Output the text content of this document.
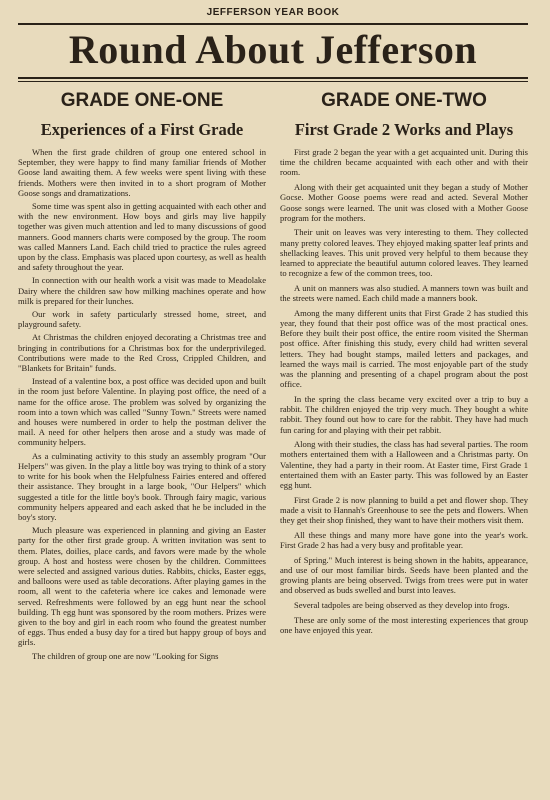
JEFFERSON YEAR BOOK
Round About Jefferson
GRADE ONE-ONE
Experiences of a First Grade

When the first grade children of group one entered school in September, they were happy to find many familiar friends of Mother Goose land awaiting them. A few weeks were spent living with these friends. Mothers were then invited in to a short program of Mother Goose songs and dramatizations.

Some time was spent also in getting acquainted with each other and with the new environment. How boys and girls may live happily together was given much attention and led to many discussions of good manners. Good manners charts were composed by the group. The room was called Manners Land. Each child tried to practice the rules agreed upon by the class. Emphasis was placed upon courtesy, as well as health and safety throughout the year.

In connection with our health work a visit was made to Meadolake Dairy where the children saw how milking machines operate and how milk is prepared for their lunches.

Our work in safety particularly stressed home, street, and playground safety.

At Christmas the children enjoyed decorating a Christmas tree and bringing in contributions for a Christmas box for the underprivileged. Contributions were made to the Red Cross, Crippled Children, and "Blankets for Britain" funds.

Instead of a valentine box, a post office was decided upon and built in the room just before Valentine. In playing post office, the need of a name for the office arose. The problem was solved by organizing the room into a town which was called "Sunny Town." Streets were named and houses were numbered in order to help the postman deliver the mail. A need for other helpers then arose and a study was made of community helpers.

As a culminating activity to this study an assembly program "Our Helpers" was given. In the play a little boy was trying to think of a story to write for his book when the Helpfulness Fairies entered and offered their assistance. They brought in a large book, "Our Helpers" which suggested a title for the little boy's book. Through fairy magic, various community helpers appeared and each asked that he be included in the boy's story.

Much pleasure was experienced in planning and giving an Easter party for the other first grade group. A written invitation was sent to them. Plates, doilies, place cards, and favors were made by the whole group. A host and hostess were chosen by the children. Committees were selected and assigned various duties. Rabbits, chicks, Easter eggs, and balloons were used as table decorations. After playing games in the room, all went to the cafeteria where ice cakes and lemonade were served. Refreshments were followed by an egg hunt near the school building. Th egg hunt was sponsored by the room mothers. Prizes were given to the boy and girl in each room who found the greatest number of eggs. Thus ended a busy day for a tired but happy group of boys and girls.

The children of group one are now "Looking for Signs

GRADE ONE-TWO
First Grade 2 Works and Plays

First grade 2 began the year with a get acquainted unit. During this time the children became acquainted with each other and with their room.

Along with their get acquainted unit they began a study of Mother Gocse. Mother Goose poems were read and acted. Several Mother Goose songs were learned. The unit was closed with a Mother Goose program for the mothers.

Their unit on leaves was very interesting to them. They collected many pretty colored leaves. They ehjoyed making spatter leaf prints and shellacking leaves. This unit proved very helpful to them because they learned to appreciate the beautiful autumn colored leaves. They learned to recognize a few of the common trees, too.

A unit on manners was also studied. A manners town was built and the streets were named. Each child made a manners book.

Among the many different units that First Grade 2 has studied this year, they found that their post office was of the most practical ones. Before they built their post office, the entire room visited the Sherman post office. After finishing this study, every child had written several letters. They had bought stamps, mailed letters and packages, and learned the ways mail is carried. The most enjoyable part of the study was the planning and presenting of a chapel program about the post office.

In the spring the class became very excited over a trip to buy a rabbit. The children enjoyed the trip very much. They bought a white rabbit. They found out how to care for the rabbit. They have had much fun caring for and playing with their pet rabbit.

Along with their studies, the class has had several parties. The room mothers entertained them with a Halloween and a Christmas party. On Valentine, they had a party in their room. At Easter time, First Grade 1 entertained them with an Easter party. This was followed by an Easter egg hunt.

First Grade 2 is now planning to build a pet and flower shop. They made a visit to Hannah's Greenhouse to see the pets and flowers. When they get their shop finished, they want to have their mothers visit them.

All these things and many more have gone into the year's work. First Grade 2 has had a very busy and profitable year.

of Spring." Much interest is being shown in the habits, appearance, and use of our most familiar birds. Seeds have been planted and the growing plants are being observed. Twigs from trees were put in water and observed as buds swelled and burst into leaves.

Several tadpoles are being observed as they develop into frogs.

These are only some of the most interesting experiences that group one have enjoyed this year.
